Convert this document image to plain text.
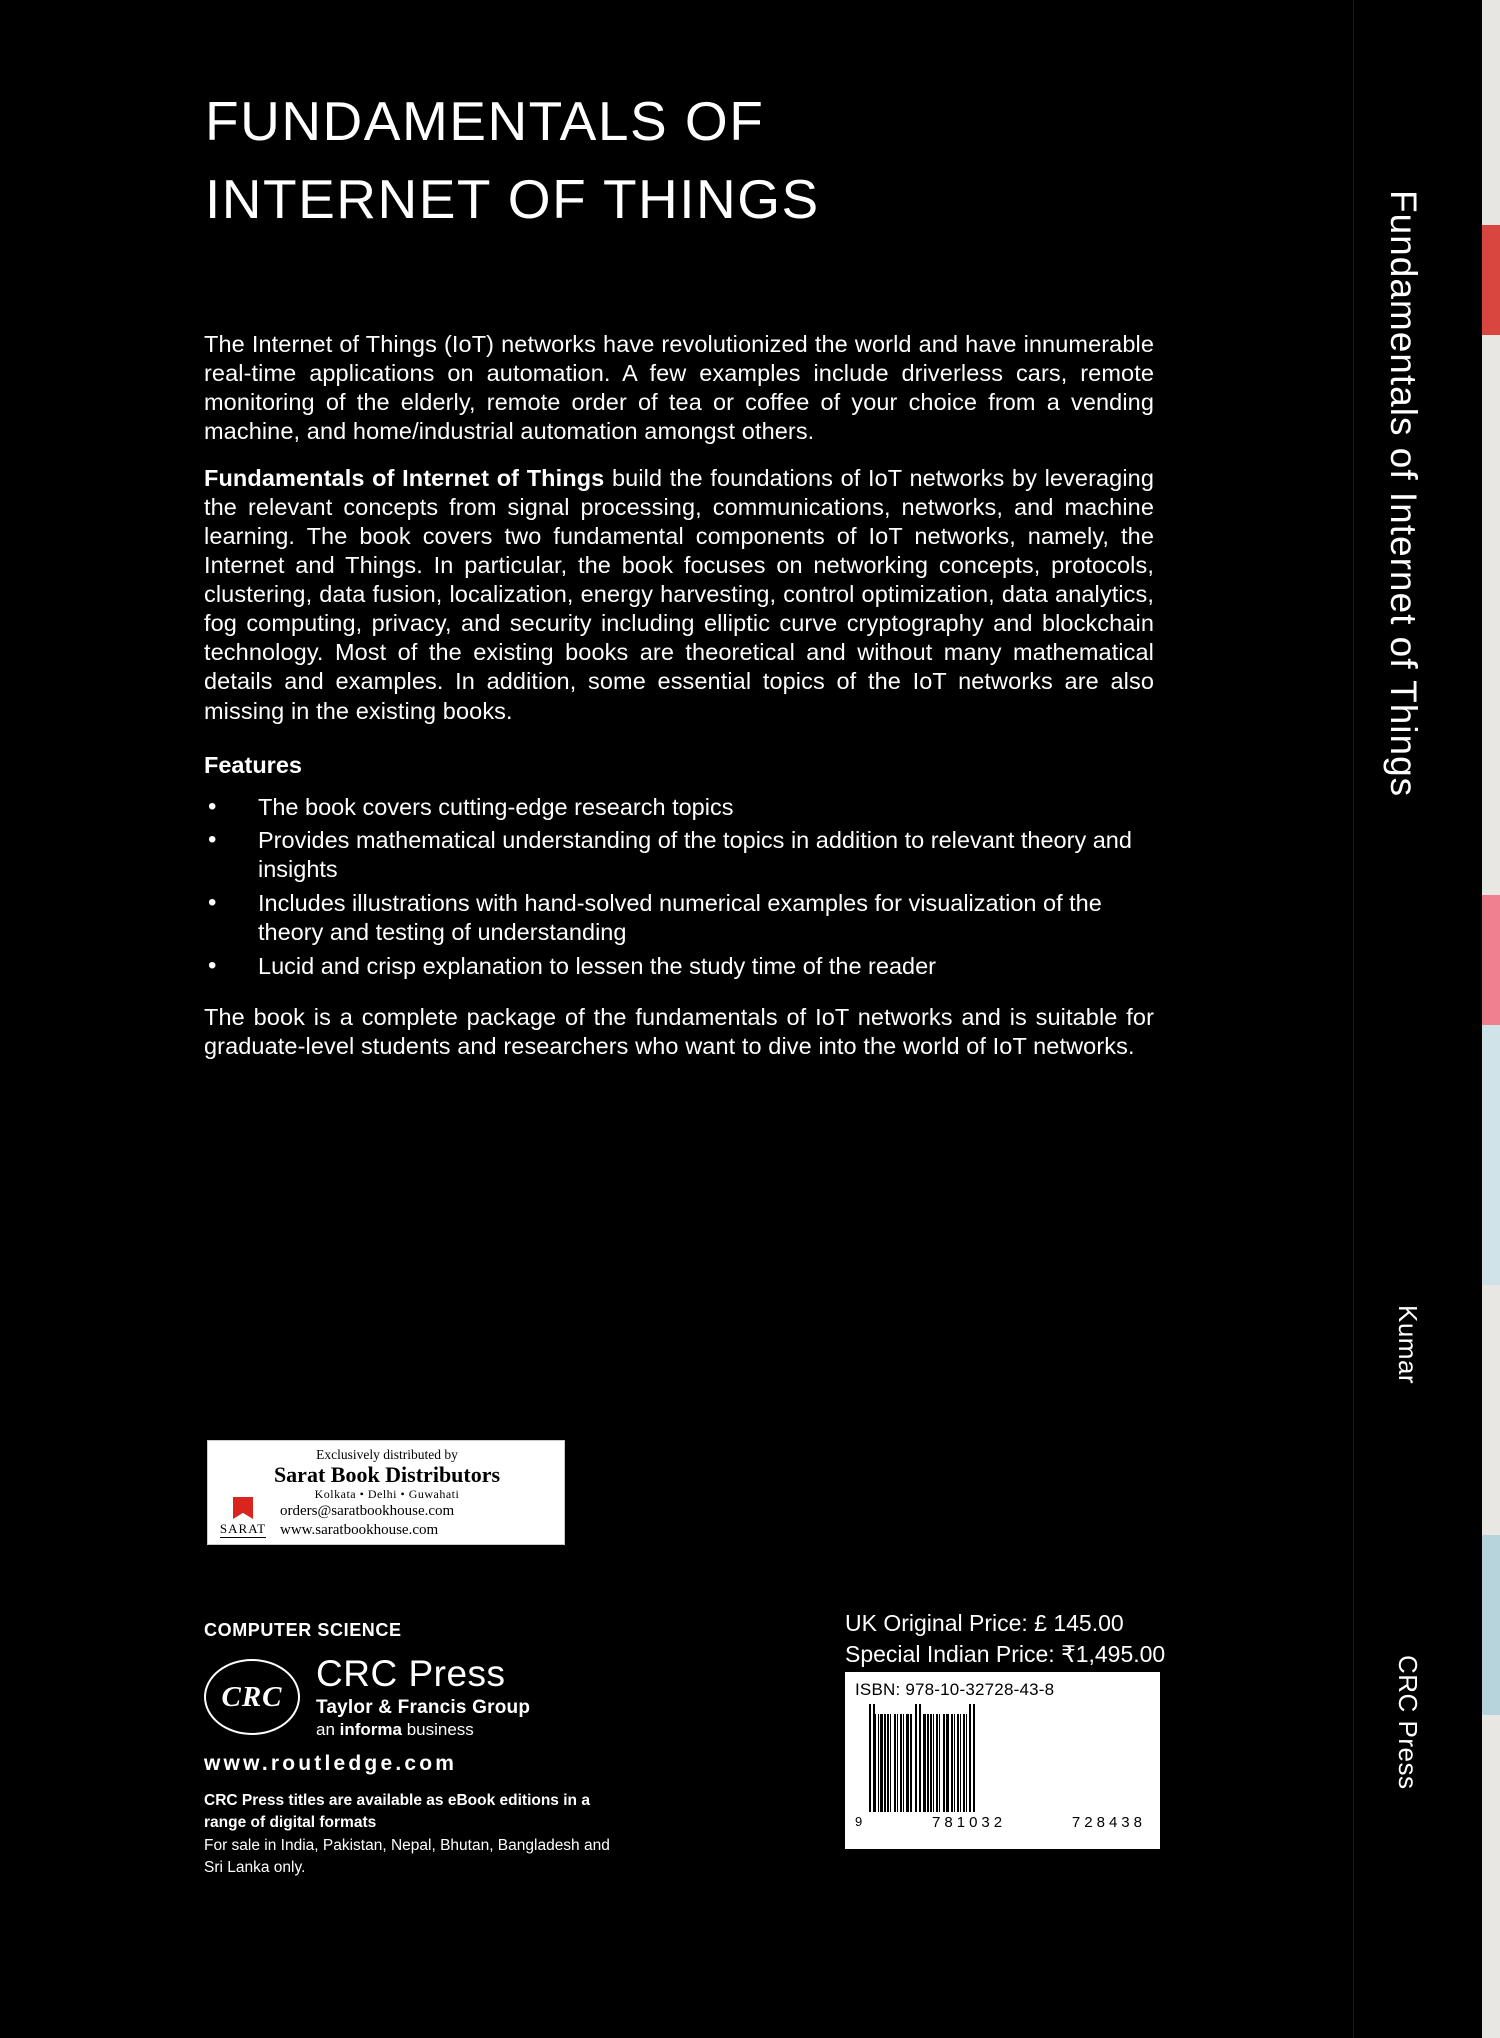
Fundamentals of Internet of Things
Kumar
CRC Press
FUNDAMENTALS OF
INTERNET OF THINGS
The Internet of Things (IoT) networks have revolutionized the world and have innumerable real-time applications on automation. A few examples include driverless cars, remote monitoring of the elderly, remote order of tea or coffee of your choice from a vending machine, and home/industrial automation amongst others.
Fundamentals of Internet of Things build the foundations of IoT networks by leveraging the relevant concepts from signal processing, communications, networks, and machine learning. The book covers two fundamental components of IoT networks, namely, the Internet and Things. In particular, the book focuses on networking concepts, protocols, clustering, data fusion, localization, energy harvesting, control optimization, data analytics, fog computing, privacy, and security including elliptic curve cryptography and blockchain technology. Most of the existing books are theoretical and without many mathematical details and examples. In addition, some essential topics of the IoT networks are also missing in the existing books.
Features
• The book covers cutting-edge research topics
• Provides mathematical understanding of the topics in addition to relevant theory and insights
• Includes illustrations with hand-solved numerical examples for visualization of the theory and testing of understanding
• Lucid and crisp explanation to lessen the study time of the reader
The book is a complete package of the fundamentals of IoT networks and is suitable for graduate-level students and researchers who want to dive into the world of IoT networks.
Exclusively distributed by
Sarat Book Distributors
Kolkata • Delhi • Guwahati
orders@saratbookhouse.com
www.saratbookhouse.com
SARAT
COMPUTER SCIENCE
CRC
CRC Press
Taylor & Francis Group
an informa business
www.routledge.com
CRC Press titles are available as eBook editions in a range of digital formats
For sale in India, Pakistan, Nepal, Bhutan, Bangladesh and Sri Lanka only.
UK Original Price: £ 145.00
Special Indian Price: ₹1,495.00
ISBN: 978-10-32728-43-8
9	781032	728438
